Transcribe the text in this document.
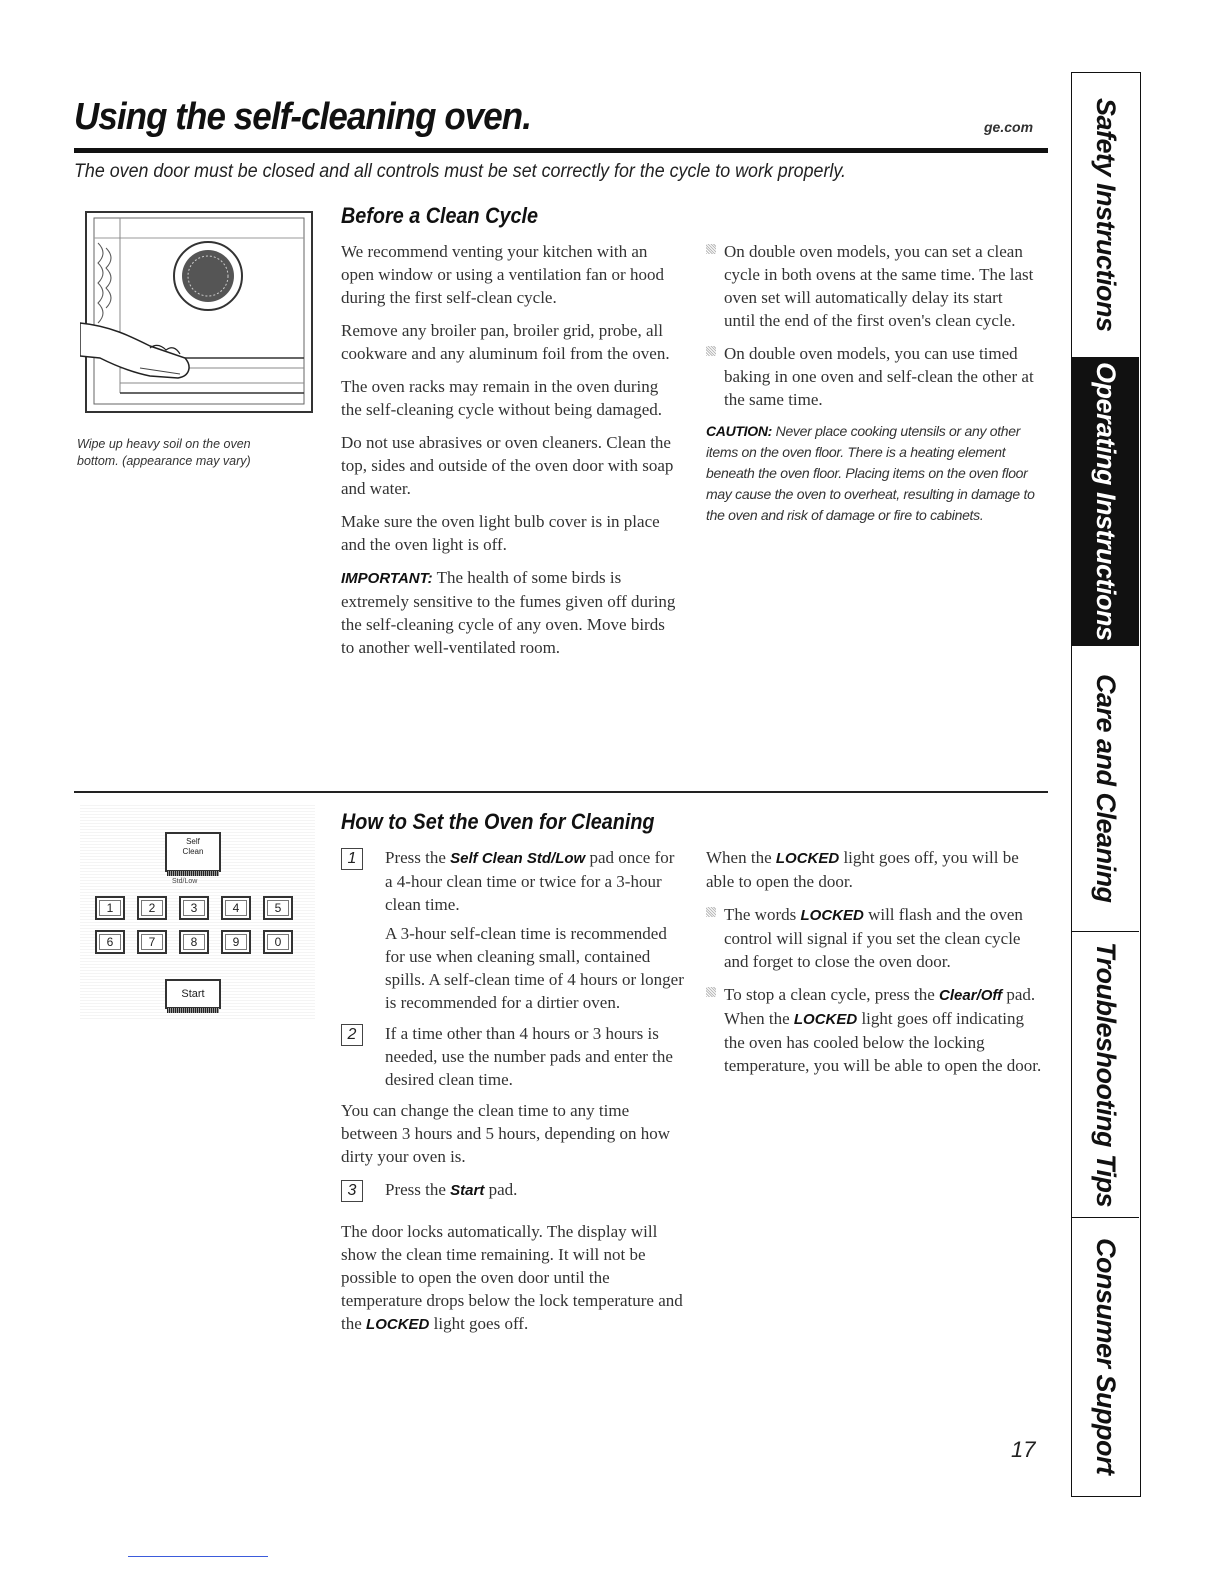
Using the self-cleaning oven.	ge.com
The oven door must be closed and all controls must be set correctly for the cycle to work properly.
Wipe up heavy soil on the oven bottom. (appearance may vary)
Before a Clean Cycle

We recommend venting your kitchen with an open window or using a ventilation fan or hood during the first self-clean cycle.

Remove any broiler pan, broiler grid, probe, all cookware and any aluminum foil from the oven.

The oven racks may remain in the oven during the self-cleaning cycle without being damaged.

Do not use abrasives or oven cleaners. Clean the top, sides and outside of the oven door with soap and water.

Make sure the oven light bulb cover is in place and the oven light is off.

IMPORTANT: The health of some birds is extremely sensitive to the fumes given off during the self-cleaning cycle of any oven. Move birds to another well-ventilated room.

On double oven models, you can set a clean cycle in both ovens at the same time. The last oven set will automatically delay its start until the end of the first oven's clean cycle.
On double oven models, you can use timed baking in one oven and self-clean the other at the same time.
CAUTION: Never place cooking utensils or any other items on the oven floor. There is a heating element beneath the oven floor. Placing items on the oven floor may cause the oven to overheat, resulting in damage to the oven and risk of damage or fire to cabinets.
Self
Clean
Std/Low
1	2	3	4	5
6	7	8	9	0
Start
How to Set the Oven for Cleaning
1	Press the Self Clean Std/Low pad once for a 4-hour clean time or twice for a 3-hour clean time.
A 3-hour self-clean time is recommended for use when cleaning small, contained spills. A self-clean time of 4 hours or longer is recommended for a dirtier oven.
2	If a time other than 4 hours or 3 hours is needed, use the number pads and enter the desired clean time.

You can change the clean time to any time between 3 hours and 5 hours, depending on how dirty your oven is.

3	Press the Start pad.

The door locks automatically. The display will show the clean time remaining. It will not be possible to open the oven door until the temperature drops below the lock temperature and the LOCKED light goes off.

When the LOCKED light goes off, you will be able to open the door.

The words LOCKED will flash and the oven control will signal if you set the clean cycle and forget to close the oven door.
To stop a clean cycle, press the Clear/Off pad. When the LOCKED light goes off indicating the oven has cooled below the locking temperature, you will be able to open the door.
Safety Instructions
Operating Instructions
Care and Cleaning
Troubleshooting Tips
Consumer Support
17
